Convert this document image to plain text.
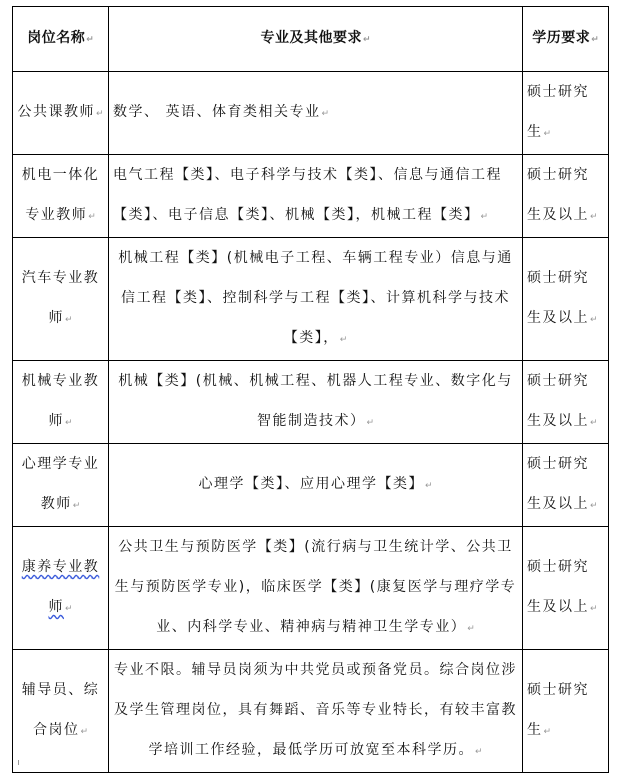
岗位名称↵	专业及其他要求↵	学历要求↵
公共课教师↵	数学、 英语、体育类相关专业↵	硕士研究生↵
机电一体化专业教师↵	电气工程【类】、电子科学与技术【类】、信息与通信工程【类】、电子信息【类】、机械【类】，机械工程【类】↵	硕士研究生及以上↵
汽车专业教师↵	机械工程【类】(机械电子工程、车辆工程专业）信息与通信工程【类】、控制科学与工程【类】、计算机科学与技术【类】，↵	硕士研究生及以上↵
机械专业教师↵	机械【类】(机械、机械工程、机器人工程专业、数字化与智能制造技术）↵	硕士研究生及以上↵
心理学专业教师↵	心理学【类】、应用心理学【类】↵	硕士研究生及以上↵
康养专业教师↵	公共卫生与预防医学【类】(流行病与卫生统计学、公共卫生与预防医学专业)，临床医学【类】(康复医学与理疗学专业、内科学专业、精神病与精神卫生学专业）↵	硕士研究生及以上↵
辅导员、综合岗位↵	专业不限。辅导员岗须为中共党员或预备党员。综合岗位涉及学生管理岗位，具有舞蹈、音乐等专业特长，有较丰富教学培训工作经验，最低学历可放宽至本科学历。↵	硕士研究生↵
